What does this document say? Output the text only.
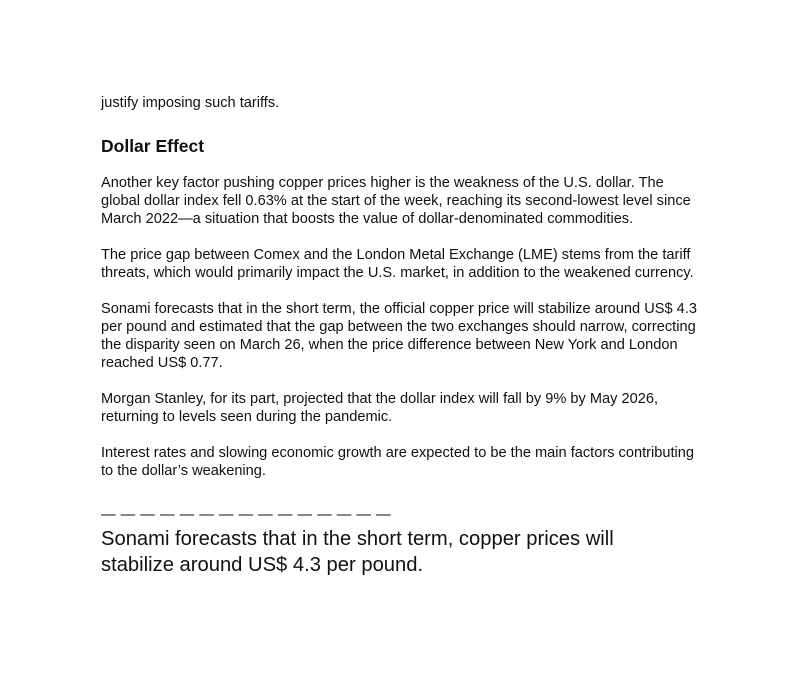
justify imposing such tariffs.

Dollar Effect

Another key factor pushing copper prices higher is the weakness of the U.S. dollar. The global dollar index fell 0.63% at the start of the week, reaching its second-lowest level since March 2022—a situation that boosts the value of dollar-denominated commodities.

The price gap between Comex and the London Metal Exchange (LME) stems from the tariff threats, which would primarily impact the U.S. market, in addition to the weakened currency.

Sonami forecasts that in the short term, the official copper price will stabilize around US$ 4.3 per pound and estimated that the gap between the two exchanges should narrow, correcting the disparity seen on March 26, when the price difference between New York and London reached US$ 0.77.

Morgan Stanley, for its part, projected that the dollar index will fall by 9% by May 2026, returning to levels seen during the pandemic.

Interest rates and slowing economic growth are expected to be the main factors contributing to the dollar’s weakening.

— — — — — — — — — — — — — — —

Sonami forecasts that in the short term, copper prices will stabilize around US$ 4.3 per pound.
